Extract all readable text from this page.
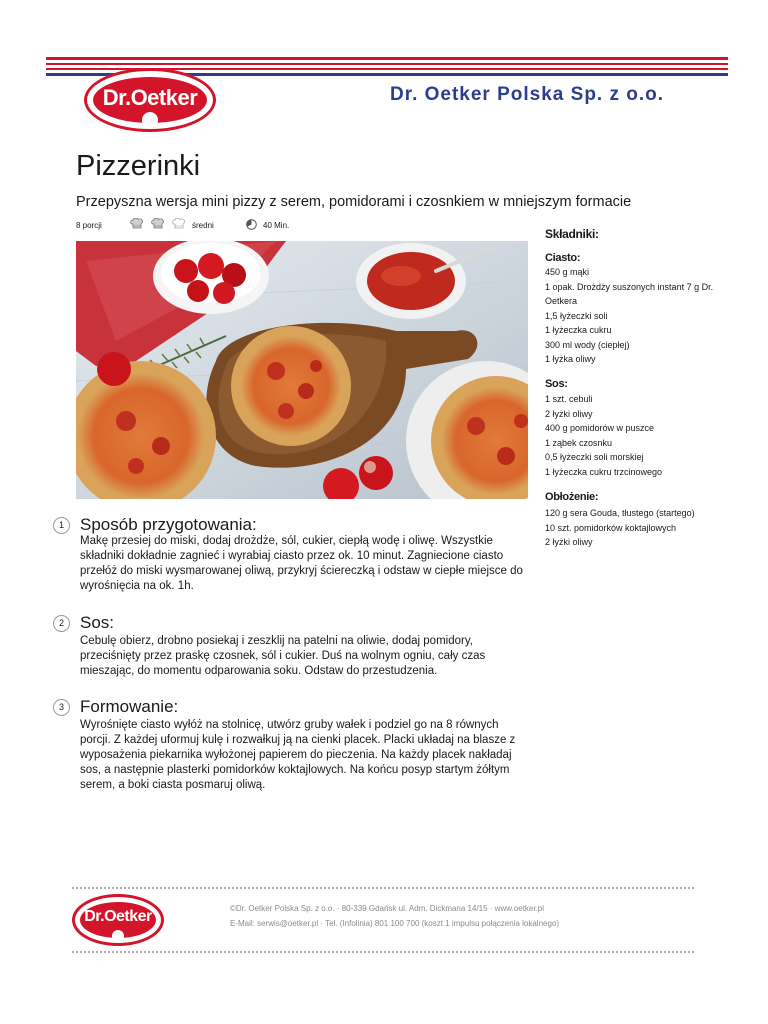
Dr.Oetker	Dr. Oetker Polska Sp. z o.o.
Pizzerinki
Przepyszna wersja mini pizzy z serem, pomidorami i czosnkiem w mniejszym formacie
8 porcji	średni	40 Min.
1 Sposób przygotowania:
Makę przesiej do miski, dodaj drożdże, sól, cukier, ciepłą wodę i oliwę. Wszystkie składniki dokładnie zagnieć i wyrabiaj ciasto przez ok. 10 minut. Zagniecione ciasto przełóż do miski wysmarowanej oliwą, przykryj ściereczką i odstaw w ciepłe miejsce do wyrośnięcia na ok. 1h.
2 Sos:
Cebulę obierz, drobno posiekaj i zeszklij na patelni na oliwie, dodaj pomidory, przeciśnięty przez praskę czosnek, sól i cukier. Duś na wolnym ogniu, cały czas mieszając, do momentu odparowania soku. Odstaw do przestudzenia.
3 Formowanie:
Wyrośnięte ciasto wyłóż na stolnicę, utwórz gruby wałek i podziel go na 8 równych porcji. Z każdej uformuj kulę i rozwałkuj ją na cienki placek. Placki układaj na blasze z wyposażenia piekarnika wyłożonej papierem do pieczenia. Na każdy placek nakładaj sos, a następnie plasterki pomidorków koktajlowych. Na końcu posyp startym żółtym serem, a boki ciasta posmaruj oliwą.
Składniki:
Ciasto:
450 g mąki
1 opak. Drożdży suszonych instant 7 g Dr. Oetkera
1,5 łyżeczki soli
1 łyżeczka cukru
300 ml wody (ciepłej)
1 łyżka oliwy
Sos:
1 szt. cebuli
2 łyżki oliwy
400 g pomidorów w puszce
1 ząbek czosnku
0,5 łyżeczki soli morskiej
1 łyżeczka cukru trzcinowego
Obłożenie:
120 g sera Gouda, tłustego (startego)
10 szt. pomidorków koktajlowych
2 łyżki oliwy
Dr.Oetker	©Dr. Oetker Polska Sp. z o.o. · 80-339 Gdańsk ul. Adm. Dickmana 14/15 · www.oetker.pl
E-Mail: serwis@oetker.pl · Tel. (Infolinia) 801 100 700 (koszt 1 impulsu połączenia lokalnego)
